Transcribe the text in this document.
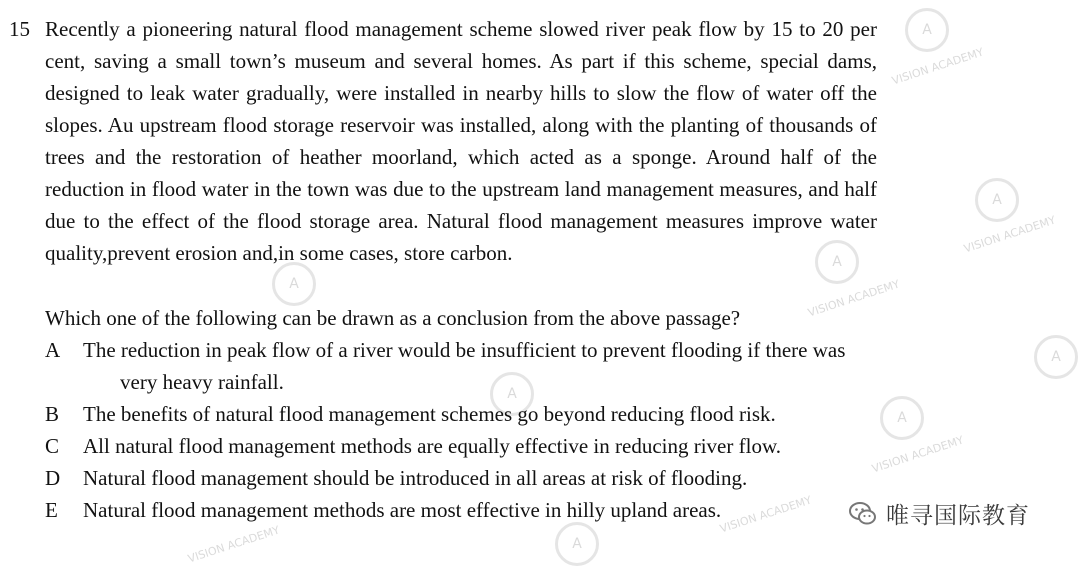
A
VISION ACADEMY
A
VISION ACADEMY
A
VISION ACADEMY
A
A
A
VISION ACADEMY
A
VISION ACADEMY
VISION ACADEMY
A
15 Recently a pioneering natural flood management scheme slowed river peak flow by 15 to 20 per cent, saving a small town’s museum and several homes. As part if this scheme, special dams, designed to leak water gradually, were installed in nearby hills to slow the flow of water off the slopes. Au upstream flood storage reservoir was installed, along with the planting of thousands of trees and the restoration of heather moorland, which acted as a sponge. Around half of the reduction in flood water in the town was due to the upstream land management measures, and half due to the effect of the flood storage area. Natural flood management measures improve water quality,prevent erosion and,in some cases, store carbon.
Which one of the following can be drawn as a conclusion from the above passage?
A The reduction in peak flow of a river would be insufficient to prevent flooding if there was
very heavy rainfall.
B The benefits of natural flood management schemes go beyond reducing flood risk.
C All natural flood management methods are equally effective in reducing river flow.
D Natural flood management should be introduced in all areas at risk of flooding.
E Natural flood management methods are most effective in hilly upland areas.	唯寻国际教育
